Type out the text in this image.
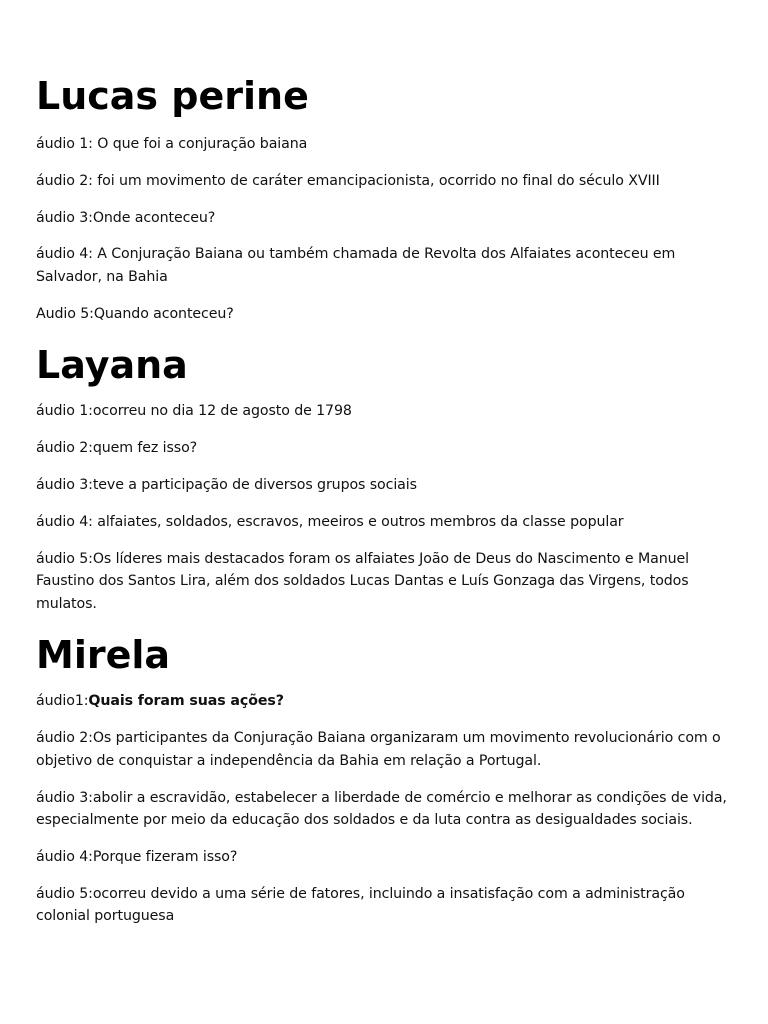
Lucas perine

áudio 1: O que foi a conjuração baiana

áudio 2: foi um movimento de caráter emancipacionista, ocorrido no final do século XVIII

áudio 3:Onde aconteceu?

áudio 4: A Conjuração Baiana ou também chamada de Revolta dos Alfaiates aconteceu em Salvador, na Bahia

Audio 5:Quando aconteceu?

Layana

áudio 1:ocorreu no dia 12 de agosto de 1798

áudio 2:quem fez isso?

áudio 3:teve a participação de diversos grupos sociais

áudio 4: alfaiates, soldados, escravos, meeiros e outros membros da classe popular

áudio 5:Os líderes mais destacados foram os alfaiates João de Deus do Nascimento e Manuel Faustino dos Santos Lira, além dos soldados Lucas Dantas e Luís Gonzaga das Virgens, todos mulatos.

Mirela

áudio1:Quais foram suas ações?

áudio 2:Os participantes da Conjuração Baiana organizaram um movimento revolucionário com o objetivo de conquistar a independência da Bahia em relação a Portugal.

áudio 3:abolir a escravidão, estabelecer a liberdade de comércio e melhorar as condições de vida, especialmente por meio da educação dos soldados e da luta contra as desigualdades sociais.

áudio 4:Porque fizeram isso?

áudio 5:ocorreu devido a uma série de fatores, incluindo a insatisfação com a administração colonial portuguesa
